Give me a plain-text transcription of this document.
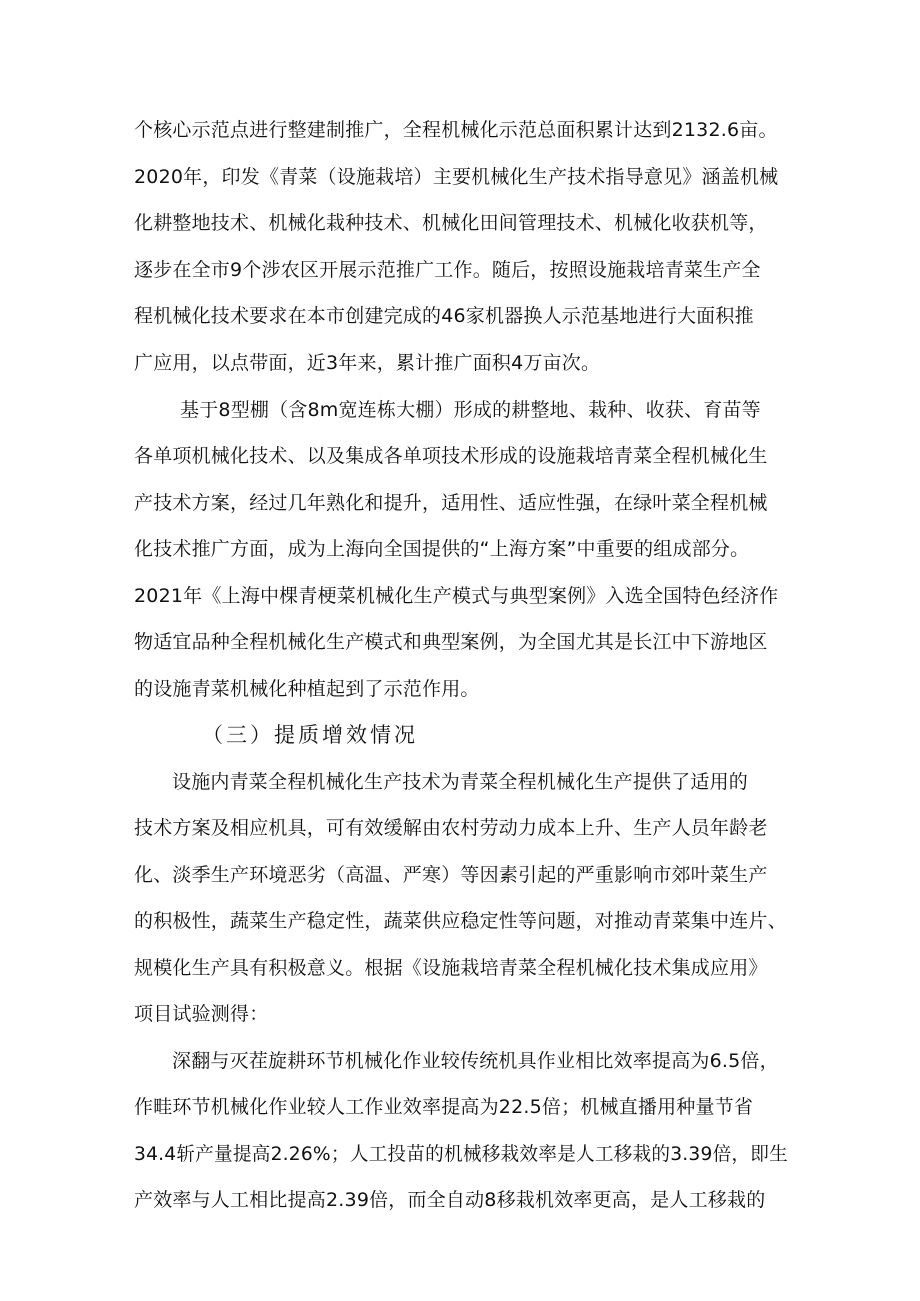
个核心示范点进行整建制推广，全程机械化示范总面积累计达到2132.6亩。
2020年，印发《青菜（设施栽培）主要机械化生产技术指导意见》涵盖机械
化耕整地技术、机械化栽种技术、机械化田间管理技术、机械化收获机等，
逐步在全市9个涉农区开展示范推广工作。随后，按照设施栽培青菜生产全
程机械化技术要求在本市创建完成的46家机器换人示范基地进行大面积推
广应用，以点带面，近3年来，累计推广面积4万亩次。
基于8型棚（含8m宽连栋大棚）形成的耕整地、栽种、收获、育苗等
各单项机械化技术、以及集成各单项技术形成的设施栽培青菜全程机械化生
产技术方案，经过几年熟化和提升，适用性、适应性强，在绿叶菜全程机械
化技术推广方面，成为上海向全国提供的“上海方案”中重要的组成部分。
2021年《上海中棵青梗菜机械化生产模式与典型案例》入选全国特色经济作
物适宜品种全程机械化生产模式和典型案例，为全国尤其是长江中下游地区
的设施青菜机械化种植起到了示范作用。
（三）提质增效情况
设施内青菜全程机械化生产技术为青菜全程机械化生产提供了适用的
技术方案及相应机具，可有效缓解由农村劳动力成本上升、生产人员年龄老
化、淡季生产环境恶劣（高温、严寒）等因素引起的严重影响市郊叶菜生产
的积极性，蔬菜生产稳定性，蔬菜供应稳定性等问题，对推动青菜集中连片、
规模化生产具有积极意义。根据《设施栽培青菜全程机械化技术集成应用》
项目试验测得：
深翻与灭茬旋耕环节机械化作业较传统机具作业相比效率提高为6.5倍，
作畦环节机械化作业较人工作业效率提高为22.5倍；机械直播用种量节省
34.4斩产量提高2.26%；人工投苗的机械移栽效率是人工移栽的3.39倍，即生
产效率与人工相比提高2.39倍，而全自动8移栽机效率更高，是人工移栽的
